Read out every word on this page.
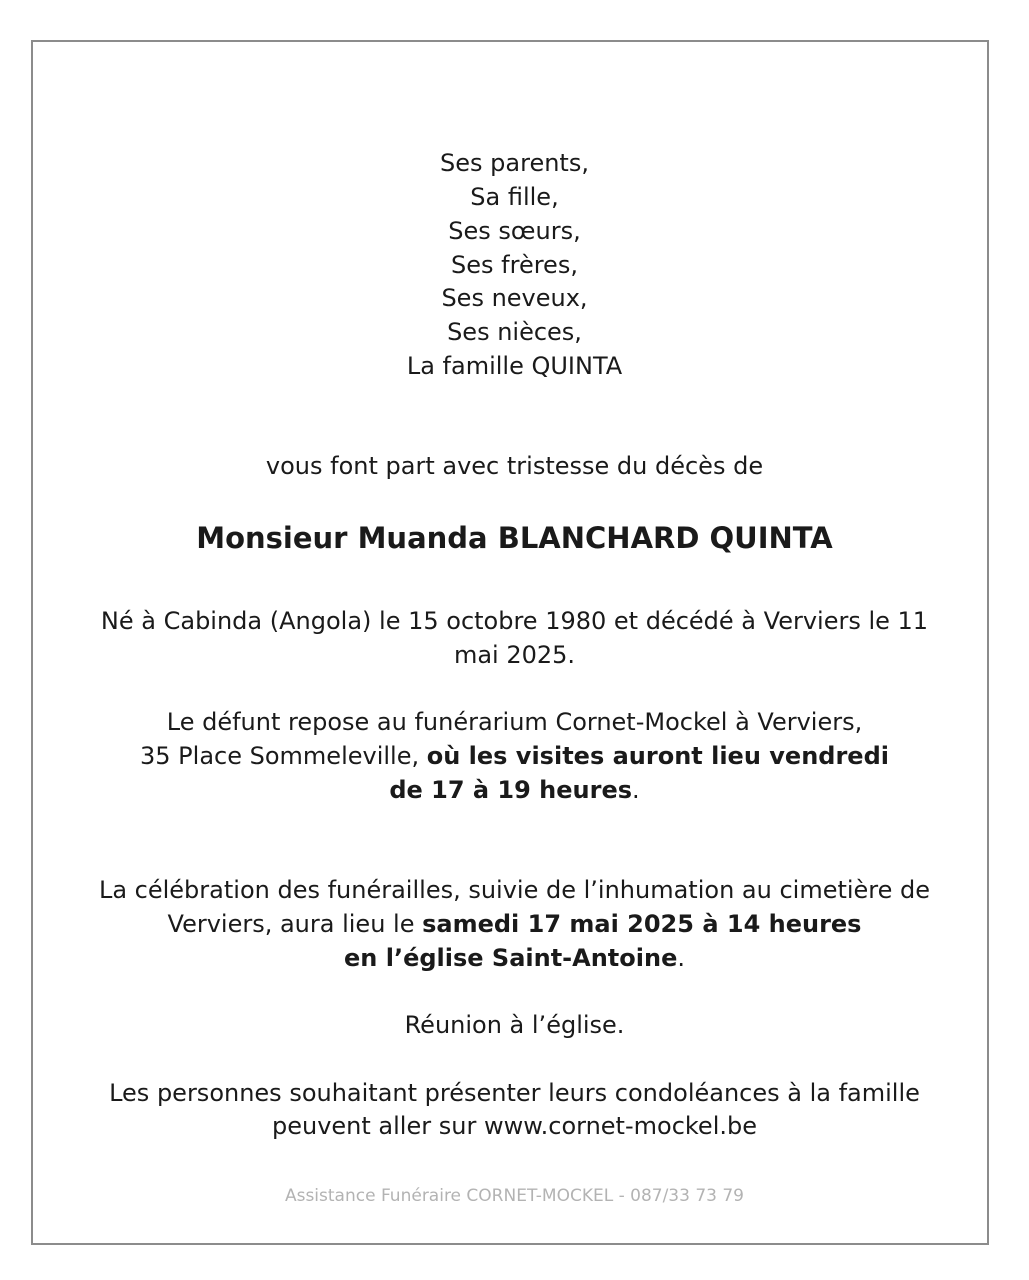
Ses parents,
Sa fille,
Ses sœurs,
Ses frères,
Ses neveux,
Ses nièces,
La famille QUINTA
vous font part avec tristesse du décès de
Monsieur Muanda BLANCHARD QUINTA
Né à Cabinda (Angola) le 15 octobre 1980 et décédé à Verviers le 11
mai 2025.
Le défunt repose au funérarium Cornet-Mockel à Verviers,
35 Place Sommeleville, où les visites auront lieu vendredi
de 17 à 19 heures.
La célébration des funérailles, suivie de l’inhumation au cimetière de
Verviers, aura lieu le samedi 17 mai 2025 à 14 heures
en l’église Saint-Antoine.
Réunion à l’église.
Les personnes souhaitant présenter leurs condoléances à la famille
peuvent aller sur www.cornet-mockel.be
Assistance Funéraire CORNET-MOCKEL - 087/33 73 79
